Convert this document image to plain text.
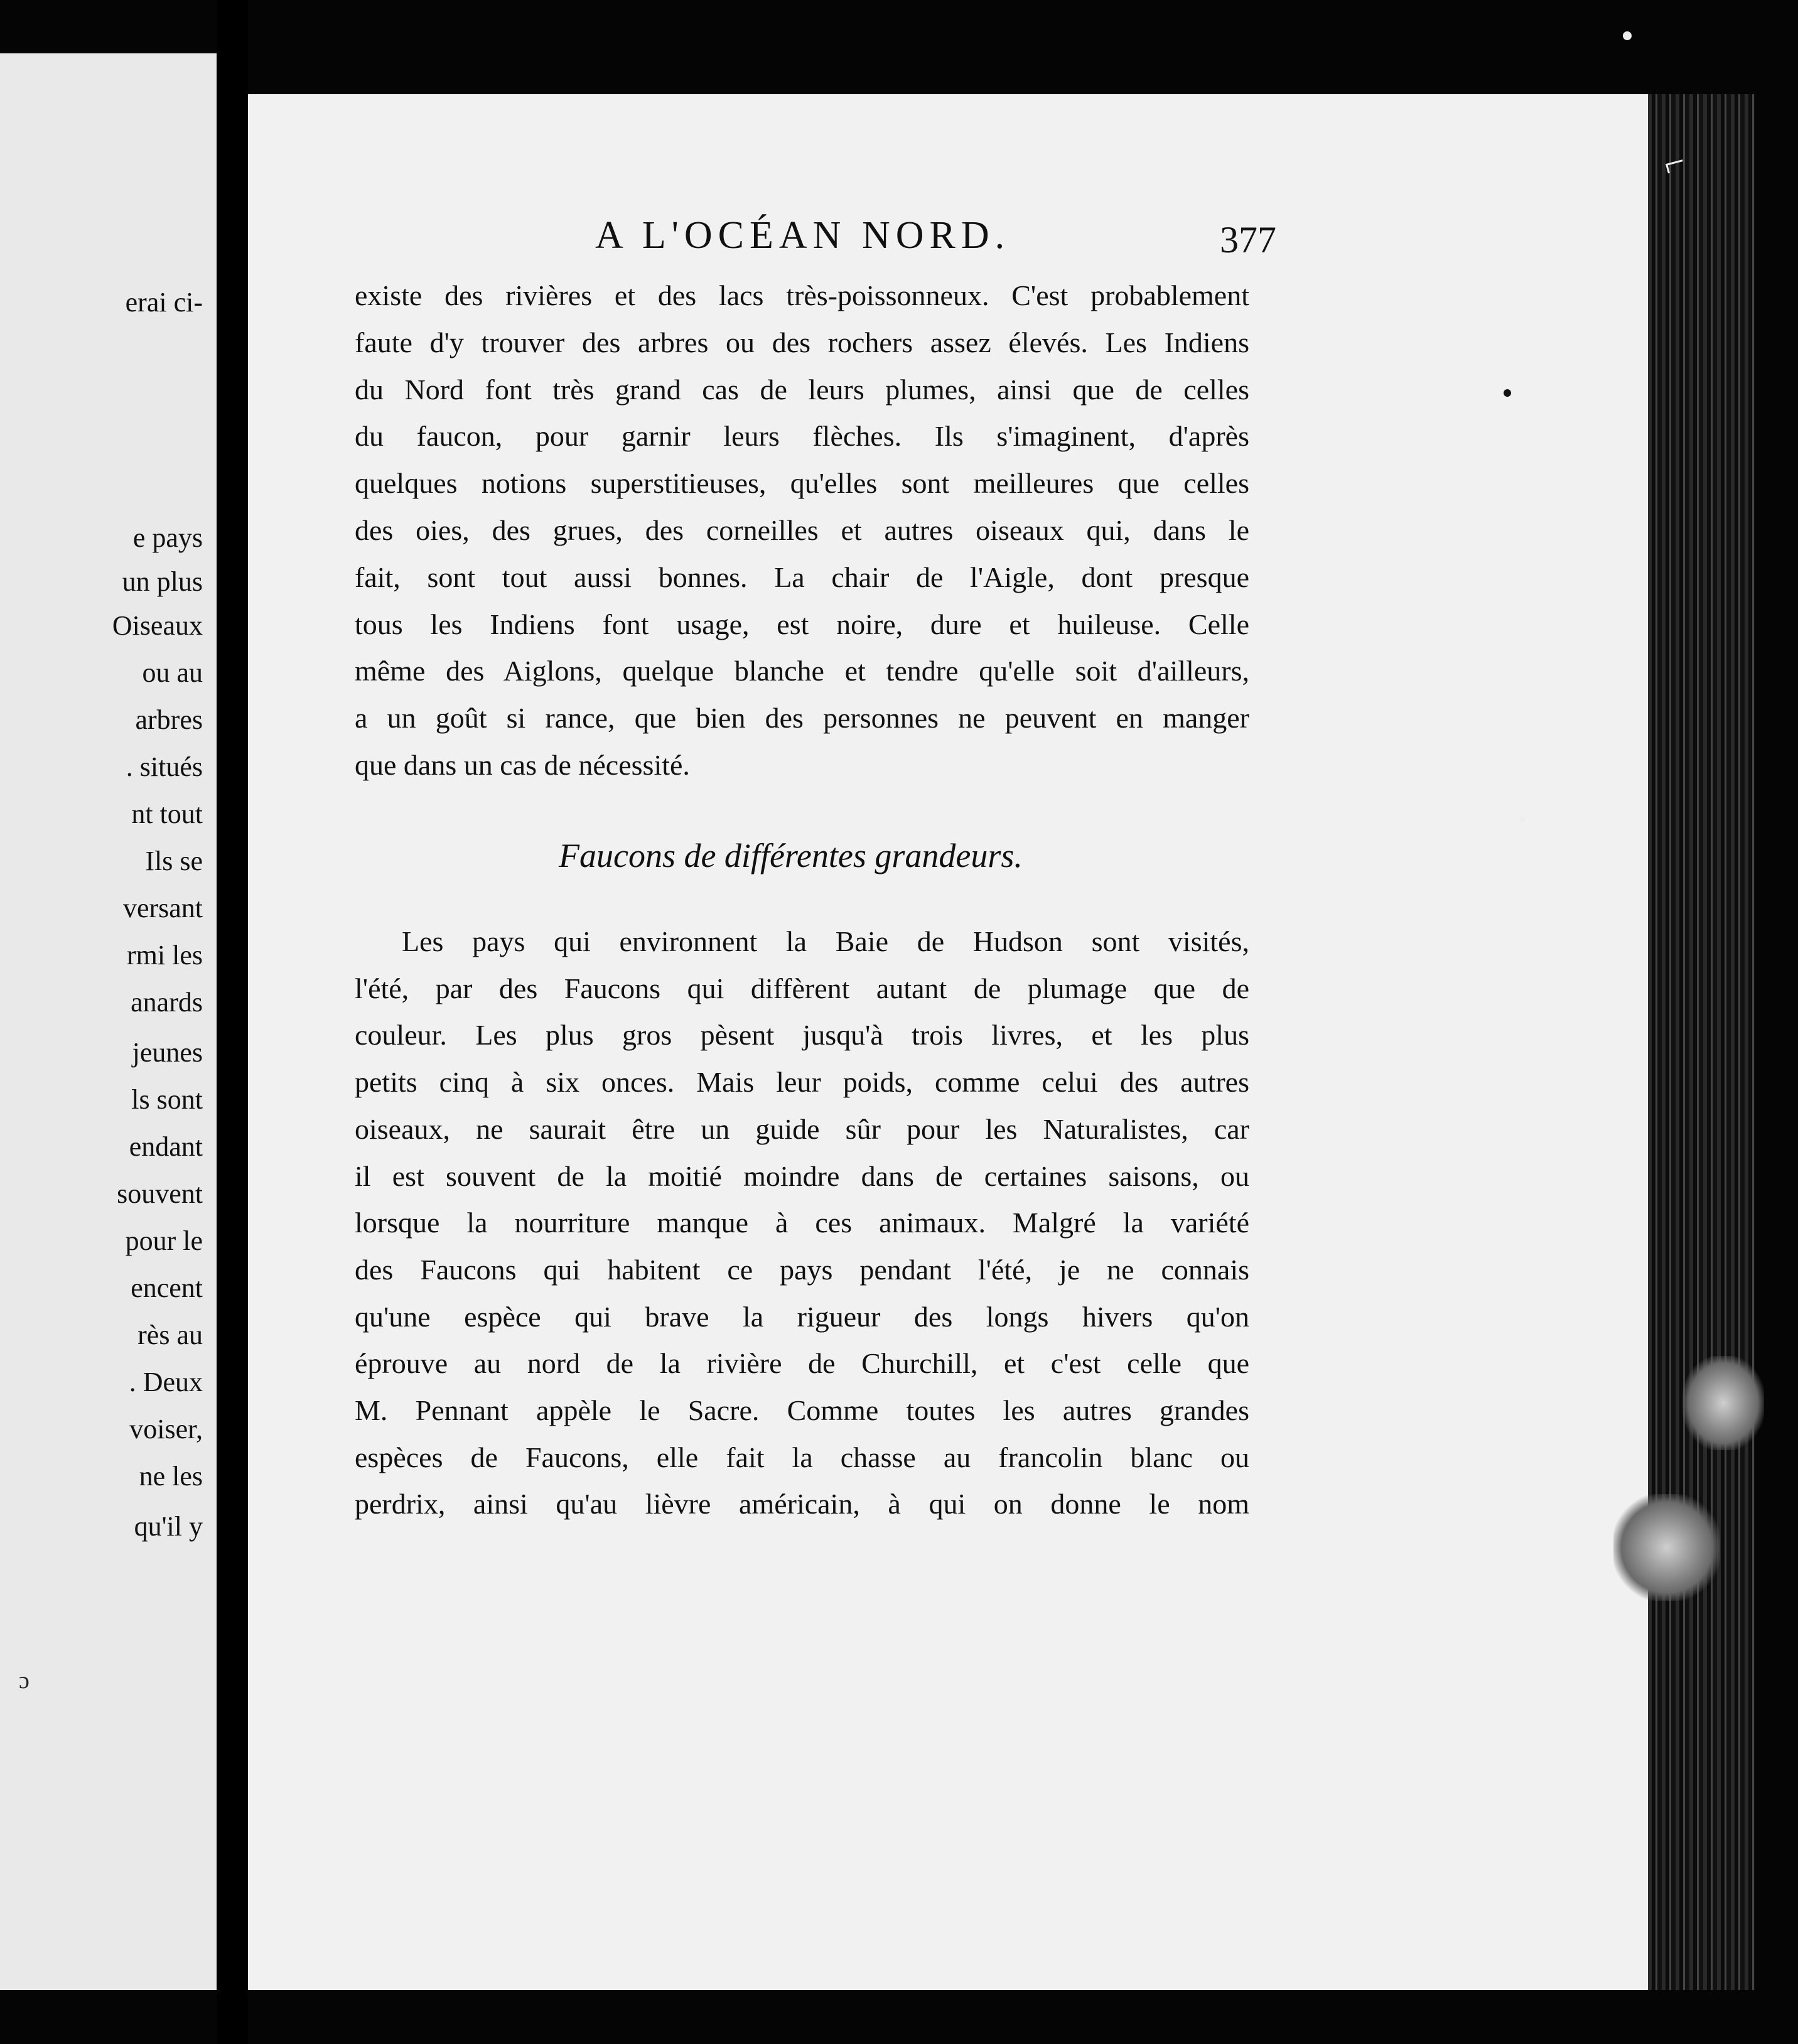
erai ci-
e pays
un plus
Oiseaux
ou au
arbres
. situés
nt tout
Ils se
versant
rmi les
anards
jeunes
ls sont
endant
souvent
pour le
encent
rès au
. Deux
voiser,
ne les
qu'il y
ɔ
⌐
A L'OCÉAN NORD.	377
existe des rivières et des lacs très-poissonneux. C'est probablement
faute d'y trouver des arbres ou des rochers assez élevés. Les Indiens
du Nord font très grand cas de leurs plumes, ainsi que de celles
du faucon, pour garnir leurs flèches. Ils s'imaginent, d'après
quelques notions superstitieuses, qu'elles sont meilleures que celles
des oies, des grues, des corneilles et autres oiseaux qui, dans le
fait, sont tout aussi bonnes. La chair de l'Aigle, dont presque
tous les Indiens font usage, est noire, dure et huileuse. Celle
même des Aiglons, quelque blanche et tendre qu'elle soit d'ailleurs,
a un goût si rance, que bien des personnes ne peuvent en manger
que dans un cas de nécessité.
Faucons de différentes grandeurs.
Les pays qui environnent la Baie de Hudson sont visités,
l'été, par des Faucons qui diffèrent autant de plumage que de
couleur. Les plus gros pèsent jusqu'à trois livres, et les plus
petits cinq à six onces. Mais leur poids, comme celui des autres
oiseaux, ne saurait être un guide sûr pour les Naturalistes, car
il est souvent de la moitié moindre dans de certaines saisons, ou
lorsque la nourriture manque à ces animaux. Malgré la variété
des Faucons qui habitent ce pays pendant l'été, je ne connais
qu'une espèce qui brave la rigueur des longs hivers qu'on
éprouve au nord de la rivière de Churchill, et c'est celle que
M. Pennant appèle le Sacre. Comme toutes les autres grandes
espèces de Faucons, elle fait la chasse au francolin blanc ou
perdrix, ainsi qu'au lièvre américain, à qui on donne le nom
